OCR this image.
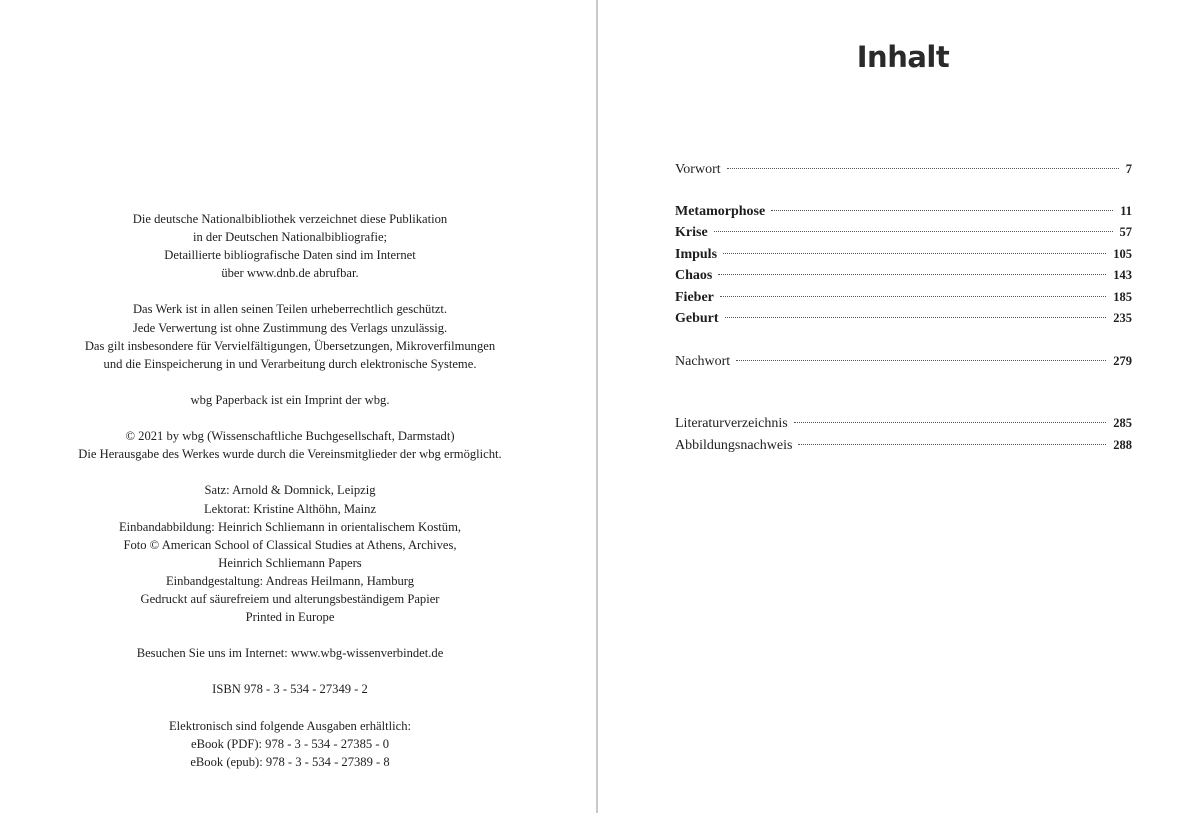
Die deutsche Nationalbibliothek verzeichnet diese Publikation
in der Deutschen Nationalbibliografie;
Detaillierte bibliografische Daten sind im Internet
über www.dnb.de abrufbar.
Das Werk ist in allen seinen Teilen urheberrechtlich geschützt.
Jede Verwertung ist ohne Zustimmung des Verlags unzulässig.
Das gilt insbesondere für Vervielfältigungen, Übersetzungen, Mikroverfilmungen
und die Einspeicherung in und Verarbeitung durch elektronische Systeme.
wbg Paperback ist ein Imprint der wbg.
© 2021 by wbg (Wissenschaftliche Buchgesellschaft, Darmstadt)
Die Herausgabe des Werkes wurde durch die Vereinsmitglieder der wbg ermöglicht.
Satz: Arnold & Domnick, Leipzig
Lektorat: Kristine Althöhn, Mainz
Einbandabbildung: Heinrich Schliemann in orientalischem Kostüm,
Foto © American School of Classical Studies at Athens, Archives,
Heinrich Schliemann Papers
Einbandgestaltung: Andreas Heilmann, Hamburg
Gedruckt auf säurefreiem und alterungsbeständigem Papier
Printed in Europe
Besuchen Sie uns im Internet: www.wbg-wissenverbindet.de
ISBN 978 - 3 - 534 - 27349 - 2
Elektronisch sind folgende Ausgaben erhältlich:
eBook (PDF): 978 - 3 - 534 - 27385 - 0
eBook (epub): 978 - 3 - 534 - 27389 - 8
Inhalt
Vorwort	7
Metamorphose	11
Krise	57
Impuls	105
Chaos	143
Fieber	185
Geburt	235
Nachwort	279
Literaturverzeichnis	285
Abbildungsnachweis	288
